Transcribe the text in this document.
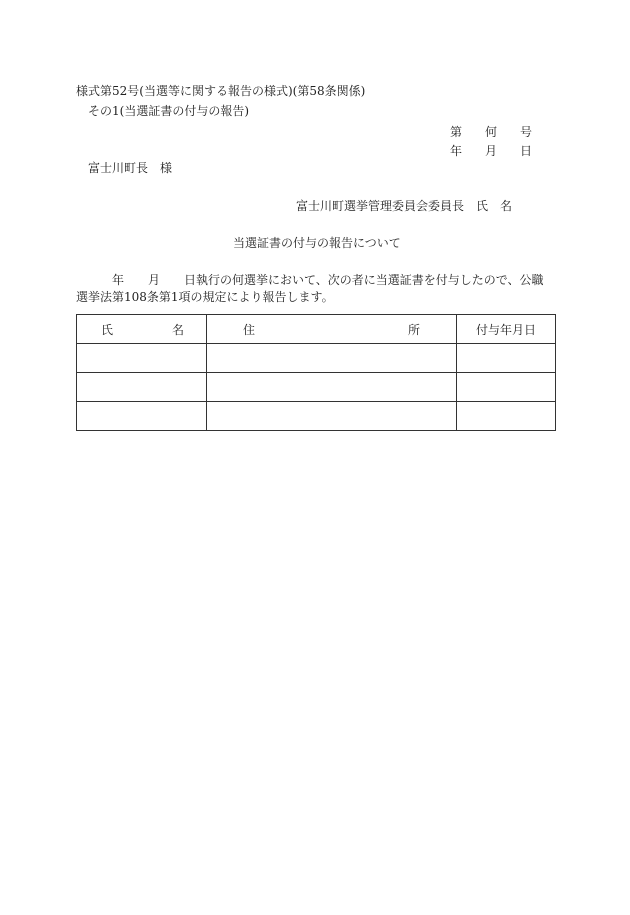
様式第52号(当選等に関する報告の様式)(第58条関係)
その1(当選証書の付与の報告)
第 何 号
年 月 日
富士川町長　様
富士川町選挙管理委員会委員長　氏　名
当選証書の付与の報告について
　　　年　　月　　日執行の何選挙において、次の者に当選証書を付与したので、公職
選挙法第108条第1項の規定により報告します。
氏 名	住 所	付与年月日
